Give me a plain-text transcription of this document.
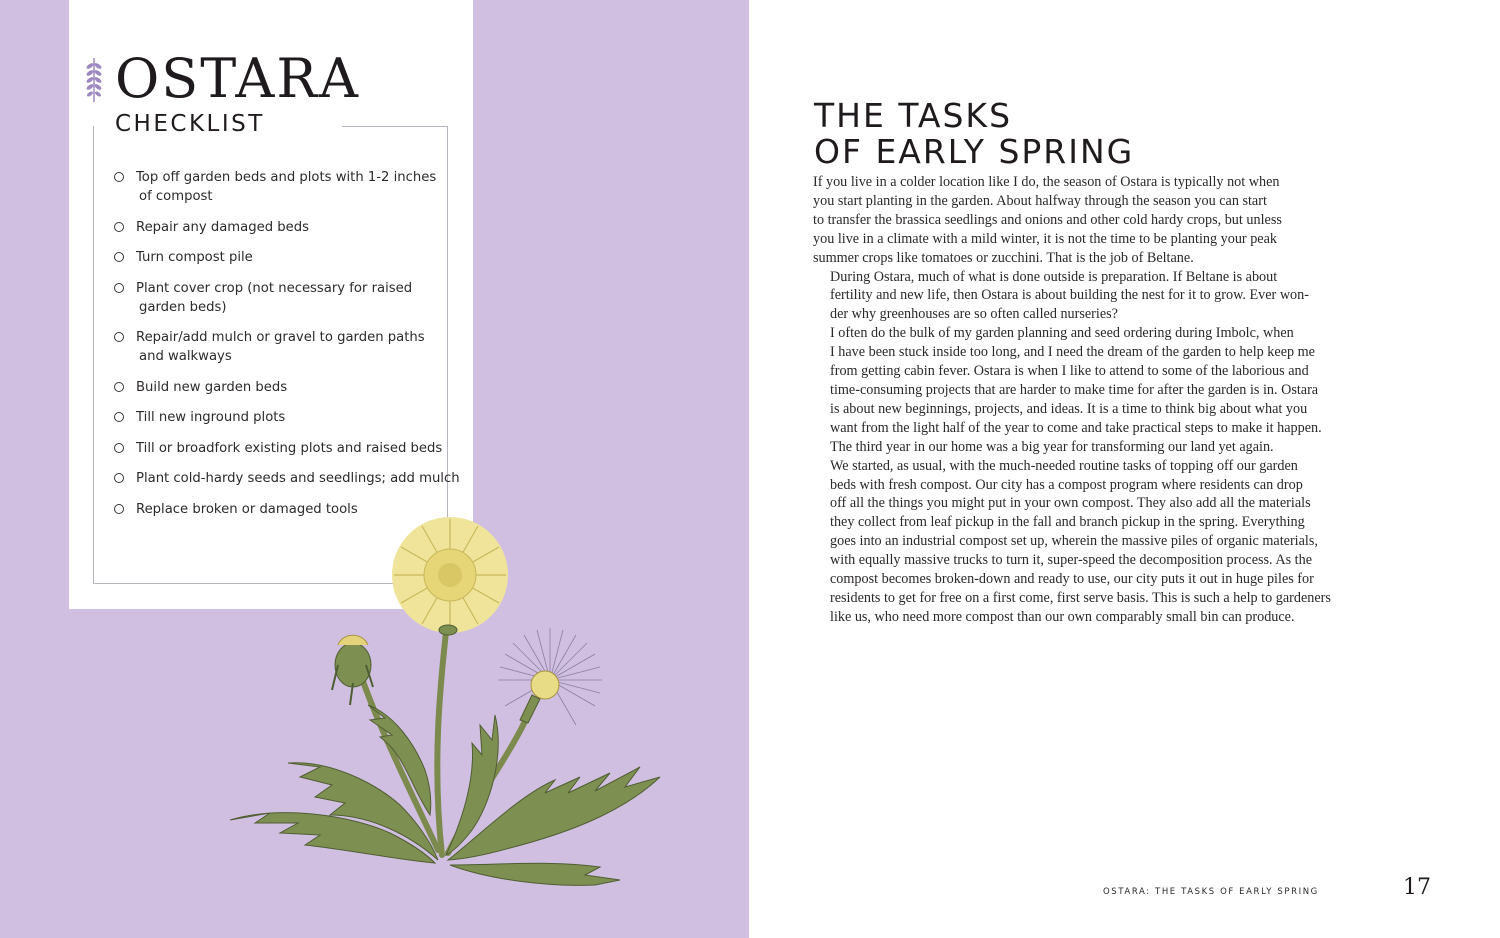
OSTARA
CHECKLIST
Top off garden beds and plots with 1-2 inches
of compost
Repair any damaged beds
Turn compost pile
Plant cover crop (not necessary for raised
garden beds)
Repair/add mulch or gravel to garden paths
and walkways
Build new garden beds
Till new inground plots
Till or broadfork existing plots and raised beds
Plant cold-hardy seeds and seedlings; add mulch
Replace broken or damaged tools
THE TASKS
OF EARLY SPRING

If you live in a colder location like I do, the season of Ostara is typically not when
you start planting in the garden. About halfway through the season you can start
to transfer the brassica seedlings and onions and other cold hardy crops, but unless
you live in a climate with a mild winter, it is not the time to be planting your peak
summer crops like tomatoes or zucchini. That is the job of Beltane.

During Ostara, much of what is done outside is preparation. If Beltane is about
fertility and new life, then Ostara is about building the nest for it to grow. Ever won-
der why greenhouses are so often called nurseries?

I often do the bulk of my garden planning and seed ordering during Imbolc, when
I have been stuck inside too long, and I need the dream of the garden to help keep me
from getting cabin fever. Ostara is when I like to attend to some of the laborious and
time-consuming projects that are harder to make time for after the garden is in. Ostara
is about new beginnings, projects, and ideas. It is a time to think big about what you
want from the light half of the year to come and take practical steps to make it happen.

The third year in our home was a big year for transforming our land yet again.
We started, as usual, with the much-needed routine tasks of topping off our garden
beds with fresh compost. Our city has a compost program where residents can drop
off all the things you might put in your own compost. They also add all the materials
they collect from leaf pickup in the fall and branch pickup in the spring. Everything
goes into an industrial compost set up, wherein the massive piles of organic materials,
with equally massive trucks to turn it, super-speed the decomposition process. As the
compost becomes broken-down and ready to use, our city puts it out in huge piles for
residents to get for free on a first come, first serve basis. This is such a help to gardeners
like us, who need more compost than our own comparably small bin can produce.

OSTARA: THE TASKS OF EARLY SPRING	17
